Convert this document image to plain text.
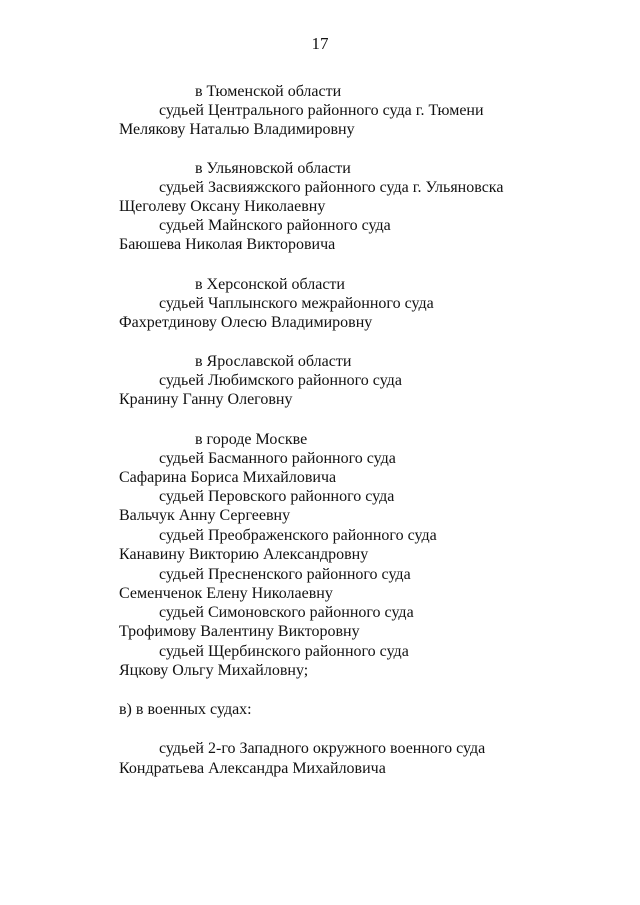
17
в Тюменской области
судьей Центрального районного суда г. Тюмени
Мелякову Наталью Владимировну
в Ульяновской области
судьей Засвияжского районного суда г. Ульяновска
Щеголеву Оксану Николаевну
судьей Майнского районного суда
Баюшева Николая Викторовича
в Херсонской области
судьей Чаплынского межрайонного суда
Фахретдинову Олесю Владимировну
в Ярославской области
судьей Любимского районного суда
Кранину Ганну Олеговну
в городе Москве
судьей Басманного районного суда
Сафарина Бориса Михайловича
судьей Перовского районного суда
Вальчук Анну Сергеевну
судьей Преображенского районного суда
Канавину Викторию Александровну
судьей Пресненского районного суда
Семенченок Елену Николаевну
судьей Симоновского районного суда
Трофимову Валентину Викторовну
судьей Щербинского районного суда
Яцкову Ольгу Михайловну;
в) в военных судах:
судьей 2-го Западного окружного военного суда
Кондратьева Александра Михайловича
